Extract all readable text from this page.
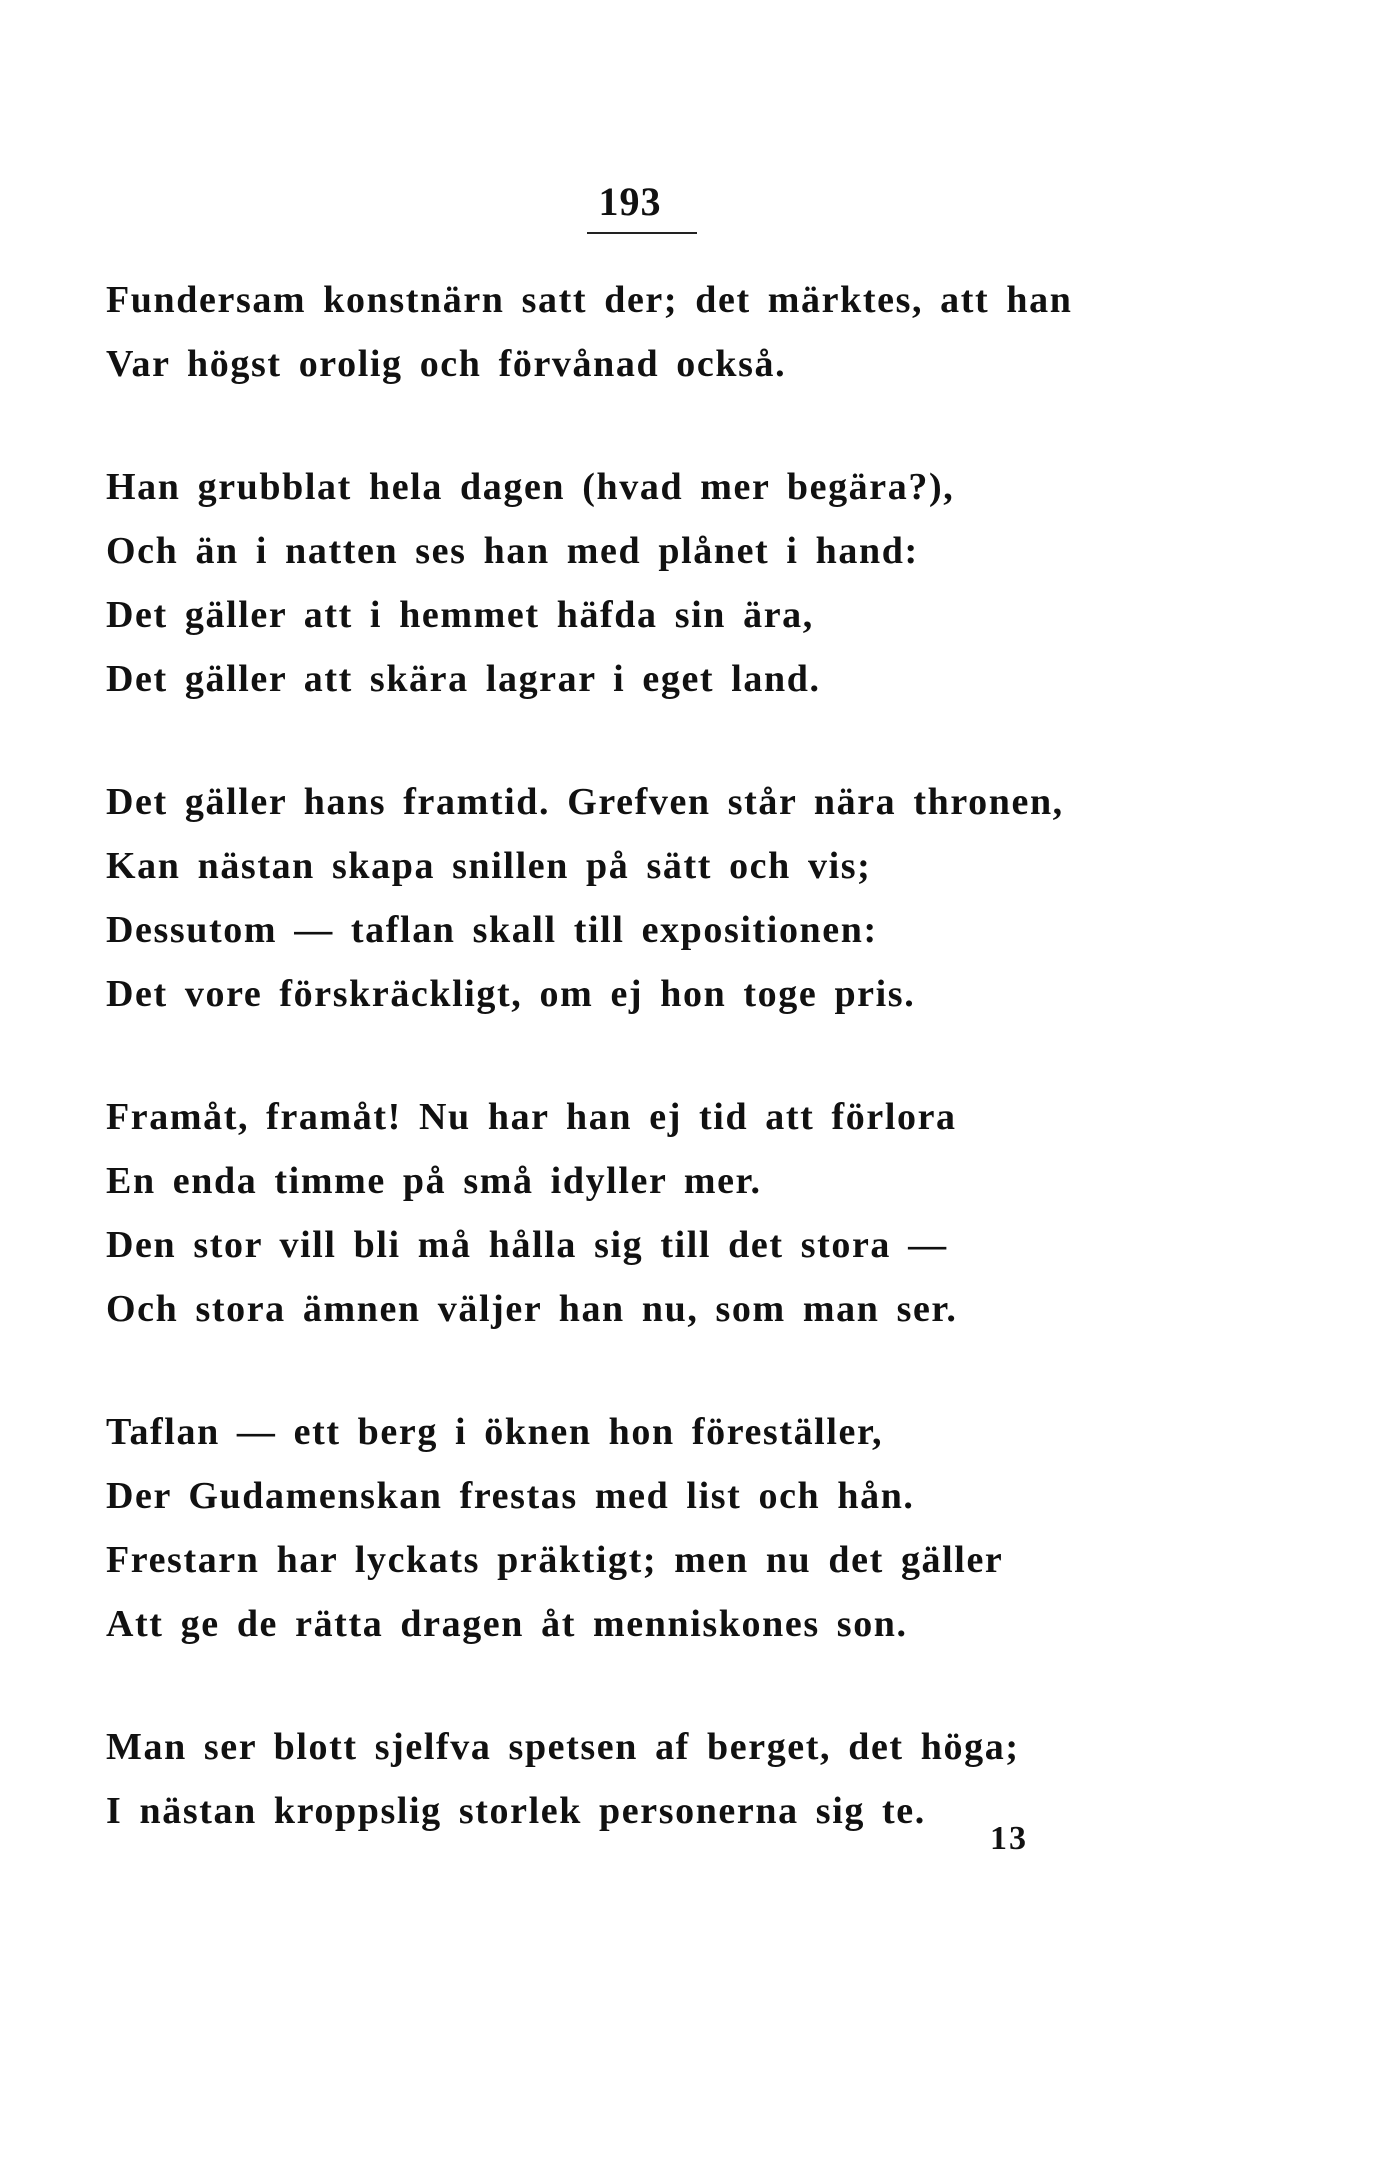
193
Fundersam konstnärn satt der; det märktes, att han
Var högst orolig och förvånad också.
Han grubblat hela dagen (hvad mer begära?),
Och än i natten ses han med plånet i hand:
Det gäller att i hemmet häfda sin ära,
Det gäller att skära lagrar i eget land.
Det gäller hans framtid. Grefven står nära thronen,
Kan nästan skapa snillen på sätt och vis;
Dessutom — taflan skall till expositionen:
Det vore förskräckligt, om ej hon toge pris.
Framåt, framåt! Nu har han ej tid att förlora
En enda timme på små idyller mer.
Den stor vill bli må hålla sig till det stora —
Och stora ämnen väljer han nu, som man ser.
Taflan — ett berg i öknen hon föreställer,
Der Gudamenskan frestas med list och hån.
Frestarn har lyckats präktigt; men nu det gäller
Att ge de rätta dragen åt menniskones son.
Man ser blott sjelfva spetsen af berget, det höga;
I nästan kroppslig storlek personerna sig te.
13
